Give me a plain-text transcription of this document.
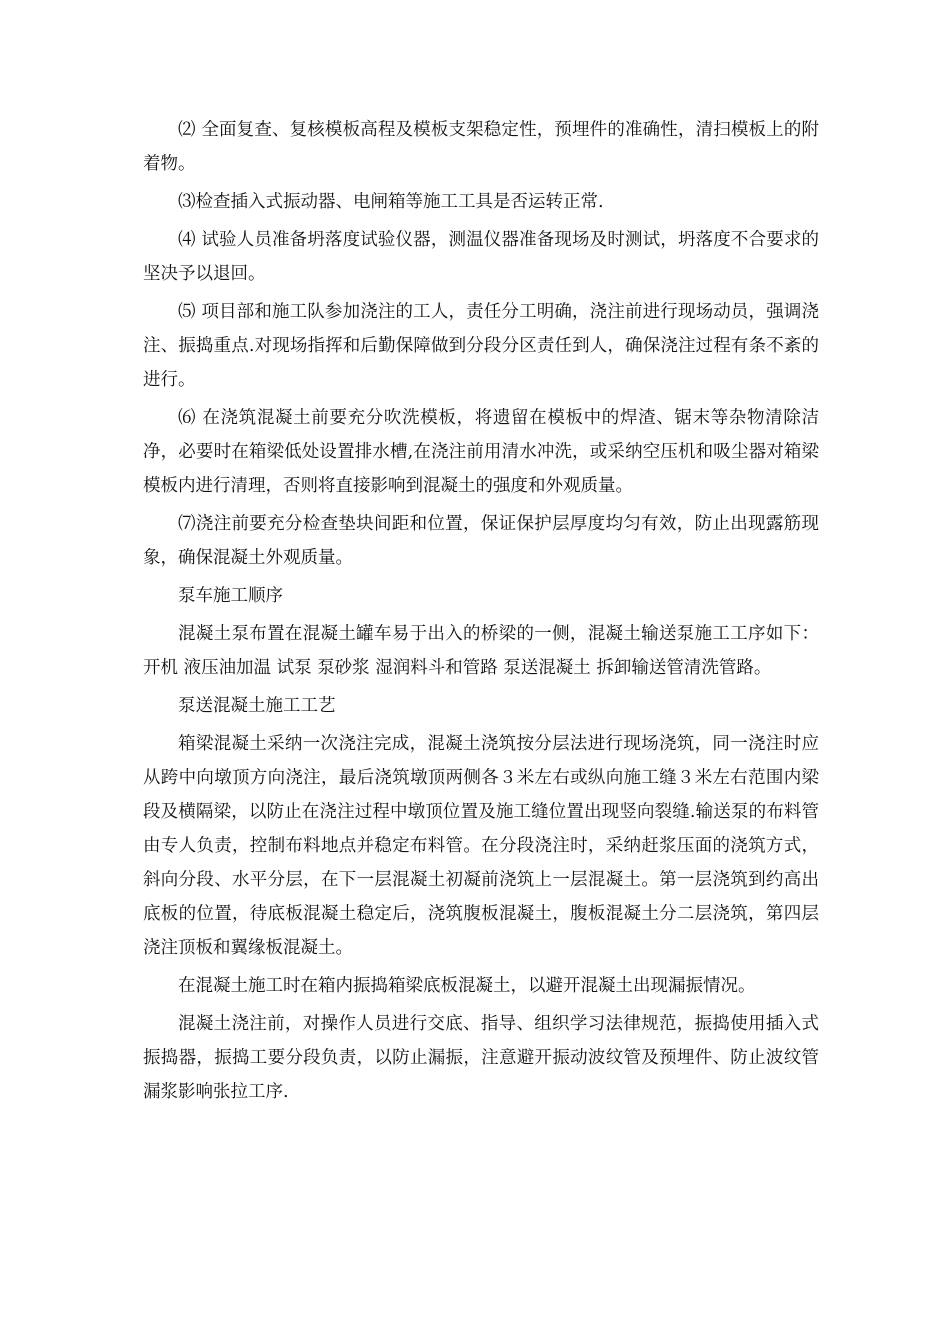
⑵ 全面复查、复核模板高程及模板支架稳定性，预埋件的准确性，清扫模板上的附着物。

⑶检查插入式振动器、电闸箱等施工工具是否运转正常.

⑷ 试验人员准备坍落度试验仪器，测温仪器准备现场及时测试，坍落度不合要求的坚决予以退回。

⑸ 项目部和施工队参加浇注的工人，责任分工明确，浇注前进行现场动员，强调浇注、振捣重点.对现场指挥和后勤保障做到分段分区责任到人，确保浇注过程有条不紊的进行。

⑹ 在浇筑混凝土前要充分吹洗模板，将遗留在模板中的焊渣、锯末等杂物清除洁净，必要时在箱梁低处设置排水槽,在浇注前用清水冲洗，或采纳空压机和吸尘器对箱梁模板内进行清理，否则将直接影响到混凝土的强度和外观质量。

⑺浇注前要充分检查垫块间距和位置，保证保护层厚度均匀有效，防止出现露筋现象，确保混凝土外观质量。

泵车施工顺序

混凝土泵布置在混凝土罐车易于出入的桥梁的一侧，混凝土输送泵施工工序如下：开机 液压油加温 试泵 泵砂浆 湿润料斗和管路 泵送混凝土 拆卸输送管清洗管路。

泵送混凝土施工工艺

箱梁混凝土采纳一次浇注完成，混凝土浇筑按分层法进行现场浇筑，同一浇注时应从跨中向墩顶方向浇注，最后浇筑墩顶两侧各３米左右或纵向施工缝３米左右范围内梁段及横隔梁，以防止在浇注过程中墩顶位置及施工缝位置出现竖向裂缝.输送泵的布料管由专人负责，控制布料地点并稳定布料管。在分段浇注时，采纳赶浆压面的浇筑方式，斜向分段、水平分层，在下一层混凝土初凝前浇筑上一层混凝土。第一层浇筑到约高出底板的位置，待底板混凝土稳定后，浇筑腹板混凝土，腹板混凝土分二层浇筑，第四层浇注顶板和翼缘板混凝土。

在混凝土施工时在箱内振捣箱梁底板混凝土，以避开混凝土出现漏振情况。

混凝土浇注前，对操作人员进行交底、指导、组织学习法律规范，振捣使用插入式振捣器，振捣工要分段负责，以防止漏振，注意避开振动波纹管及预埋件、防止波纹管漏浆影响张拉工序.
